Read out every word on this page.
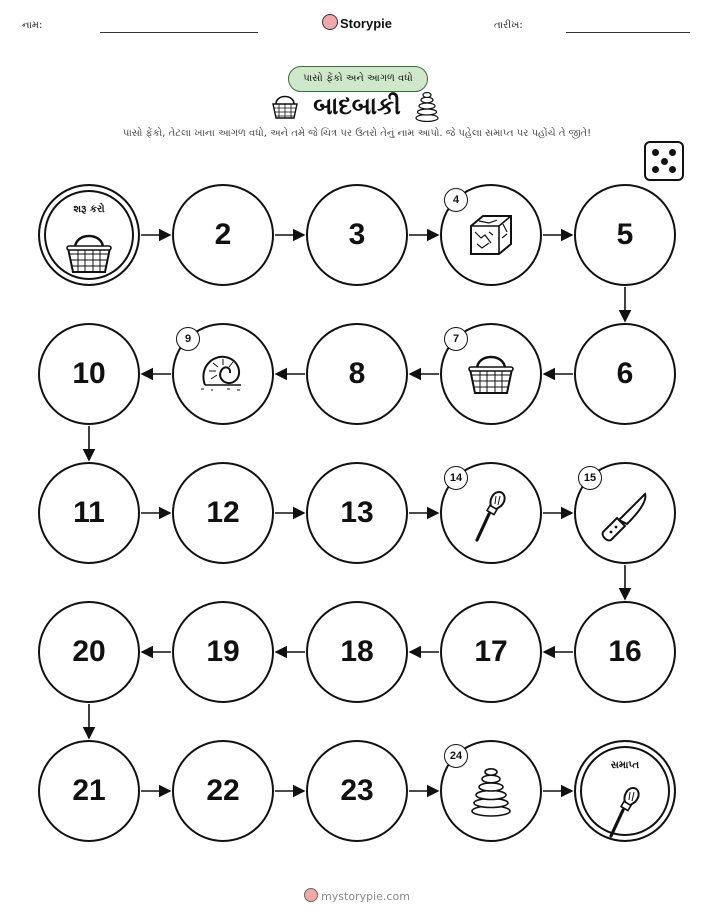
નામ:	Storypie	તારીખ:
પાસો ફેંકો અને આગળ વધો
બાદબાકી
પાસો ફેંકો, તેટલા ખાના આગળ વધો, અને તમે જે ચિત્ર પર ઉતરો તેનું નામ આપો. જે પહેલા સમાપ્ત પર પહોંચે તે જીતે!
શરૂ કરો
2	3
4
5
6
7
8
9
10
11	12	13
14	15
16
17
18
19
20
21	22	23
24
સમાપ્ત
mystorypie.com
